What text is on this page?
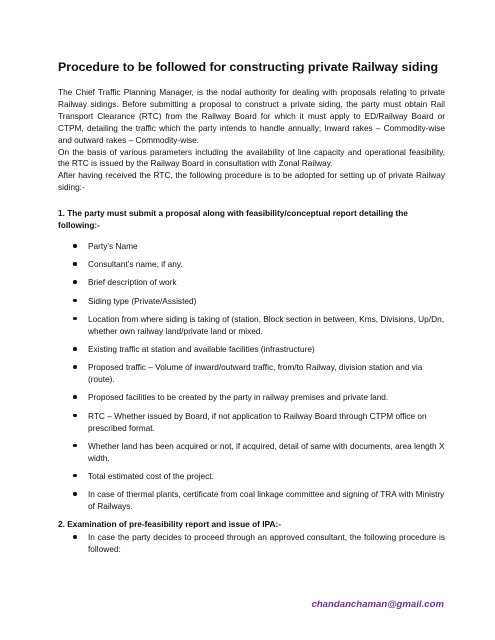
Procedure to be followed for constructing private Railway siding

The Chief Traffic Planning Manager, is the nodal authority for dealing with proposals relating to private Railway sidings. Before submitting a proposal to construct a private siding, the party must obtain Rail Transport Clearance (RTC) from the Railway Board for which it must apply to ED/Railway Board or CTPM, detailing the traffic which the party intends to handle annually; Inward rakes – Commodity-wise and outward rakes – Commodity-wise.

On the basis of various parameters including the availability of line capacity and operational feasibility, the RTC is issued by the Railway Board in consultation with Zonal Railway.

After having received the RTC, the following procedure is to be adopted for setting up of private Railway siding:-

1. The party must submit a proposal along with feasibility/conceptual report detailing the following:-
Party’s Name
Consultant’s name, if any.
Brief description of work
Siding type (Private/Assisted)
Location from where siding is taking of (station, Block section in between, Kms, Divisions, Up/Dn, whether own railway land/private land or mixed.
Existing traffic at station and available facilities (infrastructure)
Proposed traffic – Volume of inward/outward traffic, from/to Railway, division station and via (route).
Proposed facilities to be created by the party in railway premises and private land.
RTC – Whether issued by Board, if not application to Railway Board through CTPM office on prescribed format.
Whether land has been acquired or not, if acquired, detail of same with documents, area length X width.
Total estimated cost of the project.
In case of thermal plants, certificate from coal linkage committee and signing of TRA with Ministry of Railways.
2. Examination of pre-feasibility report and issue of IPA:-
In case the party decides to proceed through an approved consultant, the following procedure is followed:
chandanchaman@gmail.com
